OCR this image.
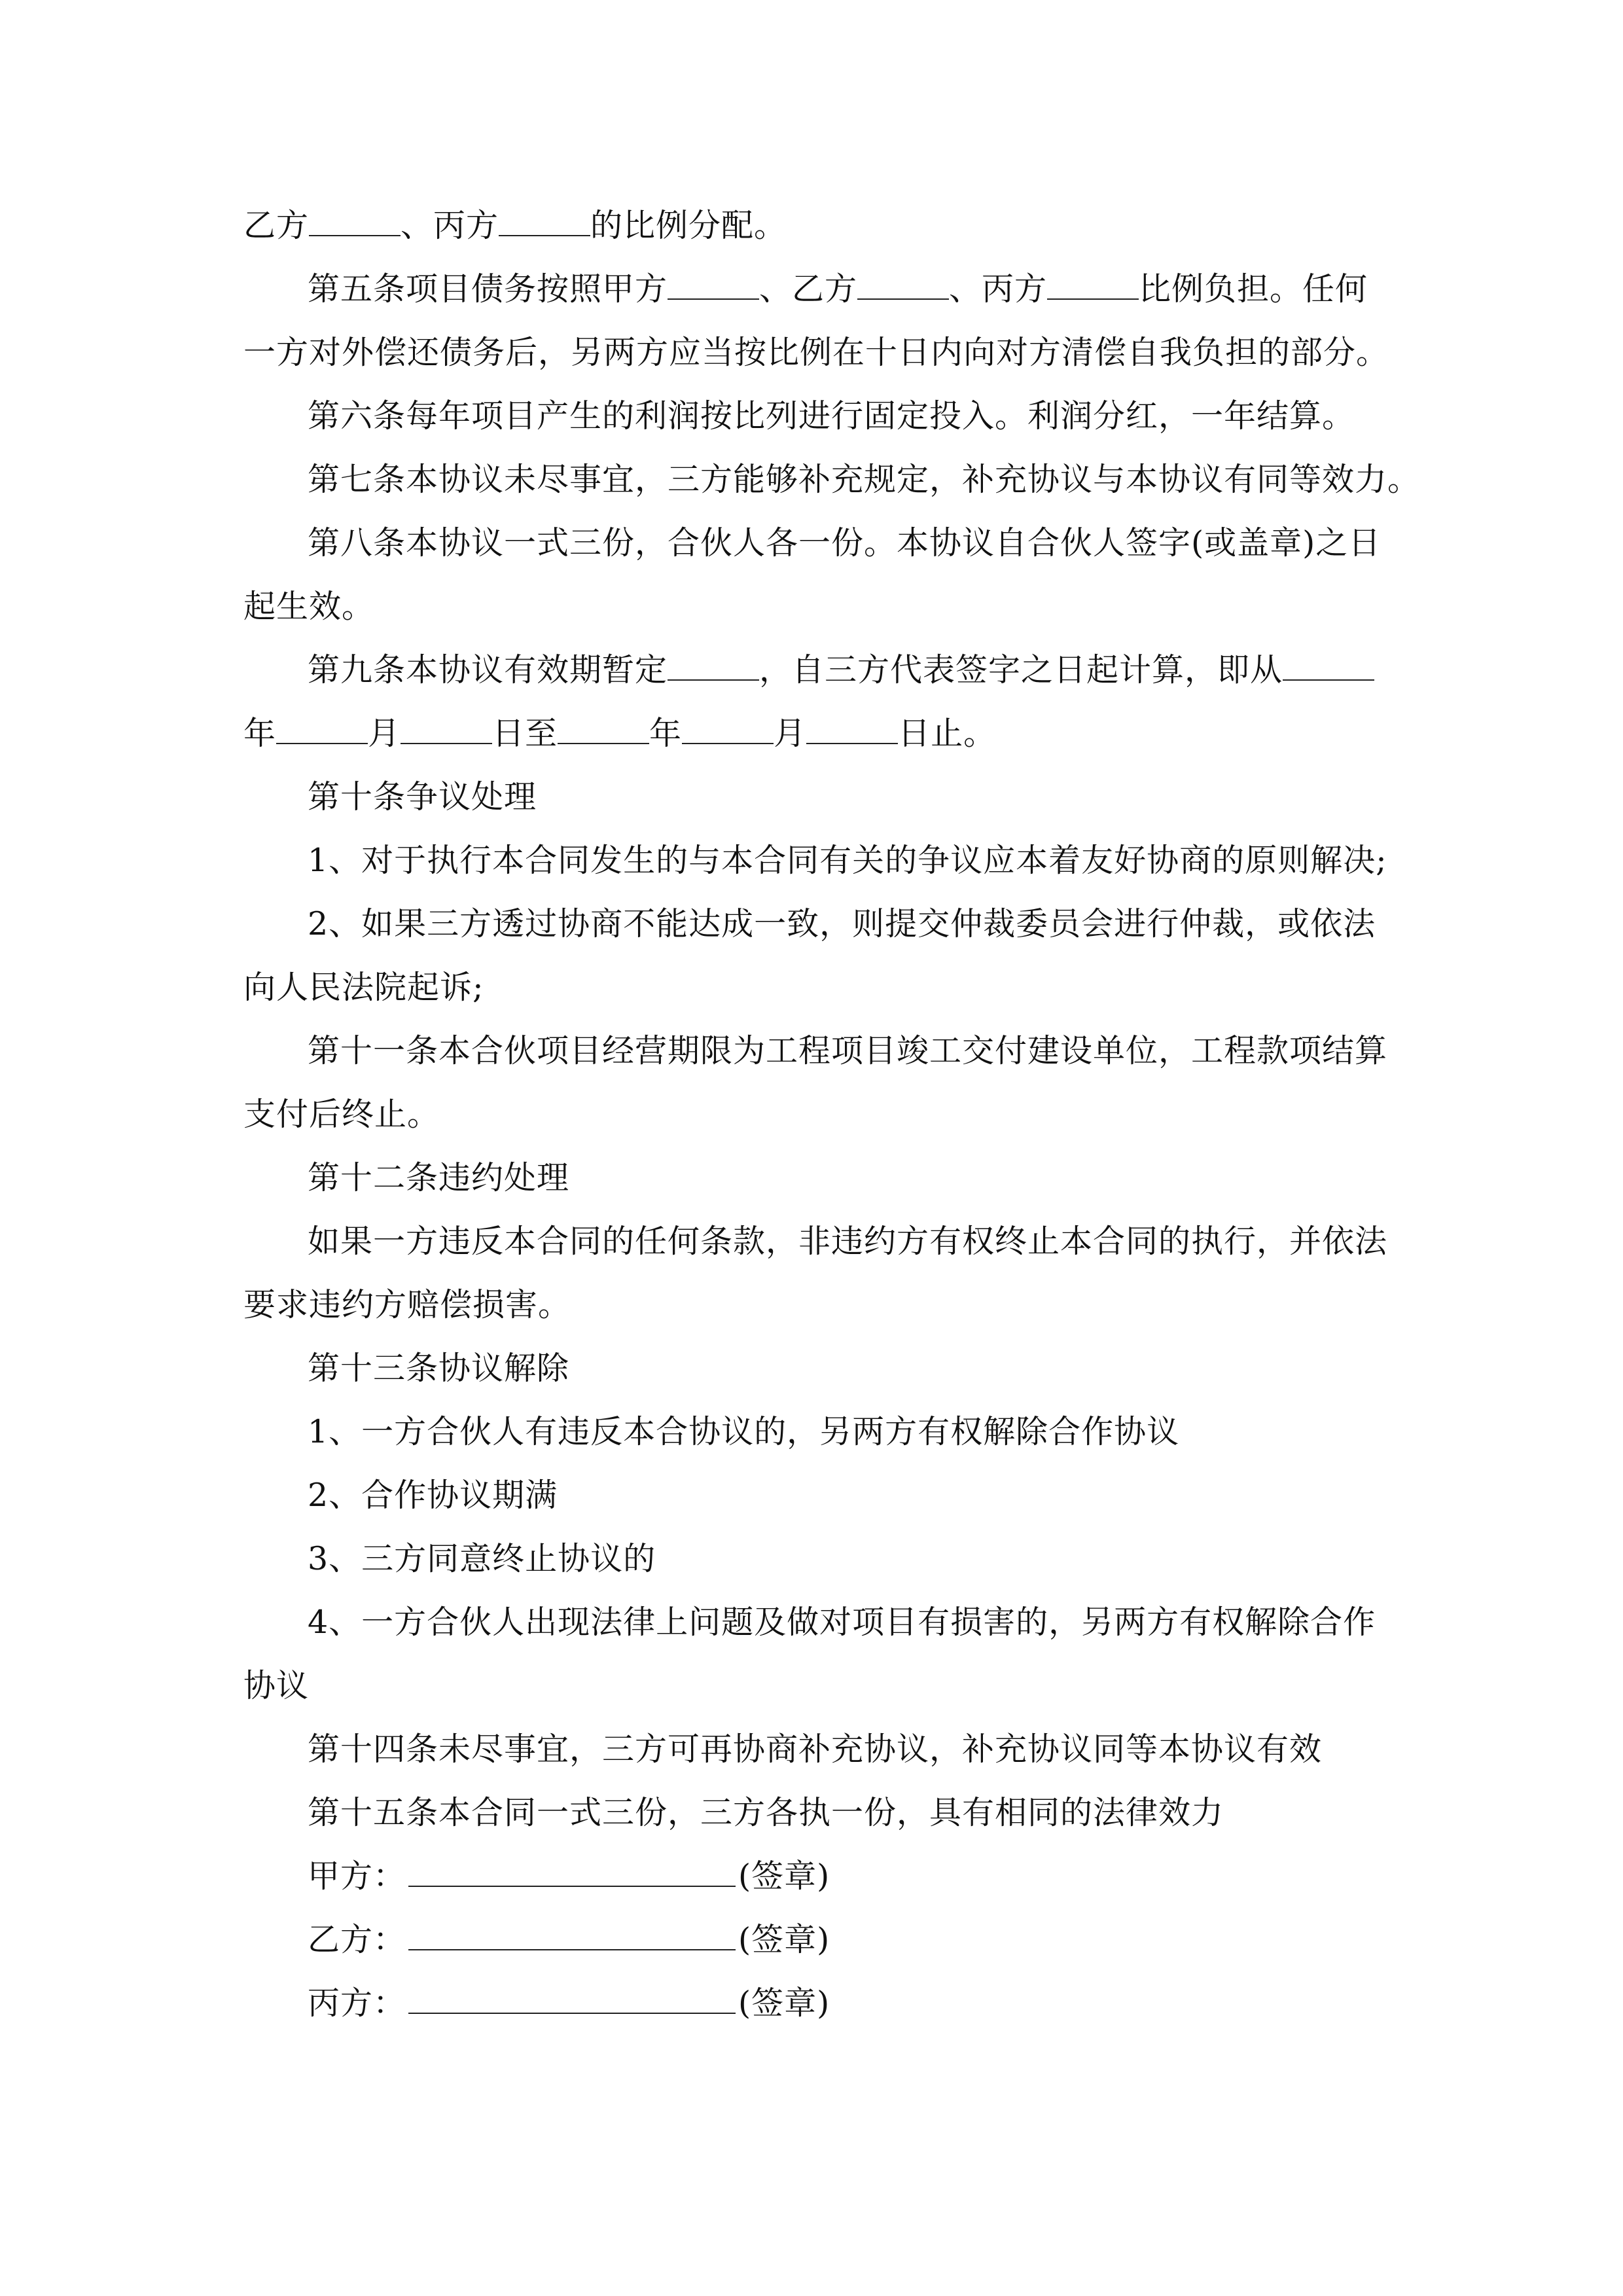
乙方	、丙方	的比例分配。
第五条项目债务按照甲方	、乙方	、丙方	比例负担。任何
一方对外偿还债务后，另两方应当按比例在十日内向对方清偿自我负担的部分。
第六条每年项目产生的利润按比列进行固定投入。利润分红，一年结算。
第七条本协议未尽事宜，三方能够补充规定，补充协议与本协议有同等效力。
第八条本协议一式三份，合伙人各一份。本协议自合伙人签字(或盖章)之日
起生效。
第九条本协议有效期暂定	，自三方代表签字之日起计算，即从
年	月	日至	年	月	日止。
第十条争议处理
1、对于执行本合同发生的与本合同有关的争议应本着友好协商的原则解决;
2、如果三方透过协商不能达成一致，则提交仲裁委员会进行仲裁，或依法
向人民法院起诉;
第十一条本合伙项目经营期限为工程项目竣工交付建设单位，工程款项结算
支付后终止。
第十二条违约处理
如果一方违反本合同的任何条款，非违约方有权终止本合同的执行，并依法
要求违约方赔偿损害。
第十三条协议解除
1、一方合伙人有违反本合协议的，另两方有权解除合作协议
2、合作协议期满
3、三方同意终止协议的
4、一方合伙人出现法律上问题及做对项目有损害的，另两方有权解除合作
协议
第十四条未尽事宜，三方可再协商补充协议，补充协议同等本协议有效
第十五条本合同一式三份，三方各执一份，具有相同的法律效力
甲方：	(签章)
乙方：	(签章)
丙方：	(签章)
